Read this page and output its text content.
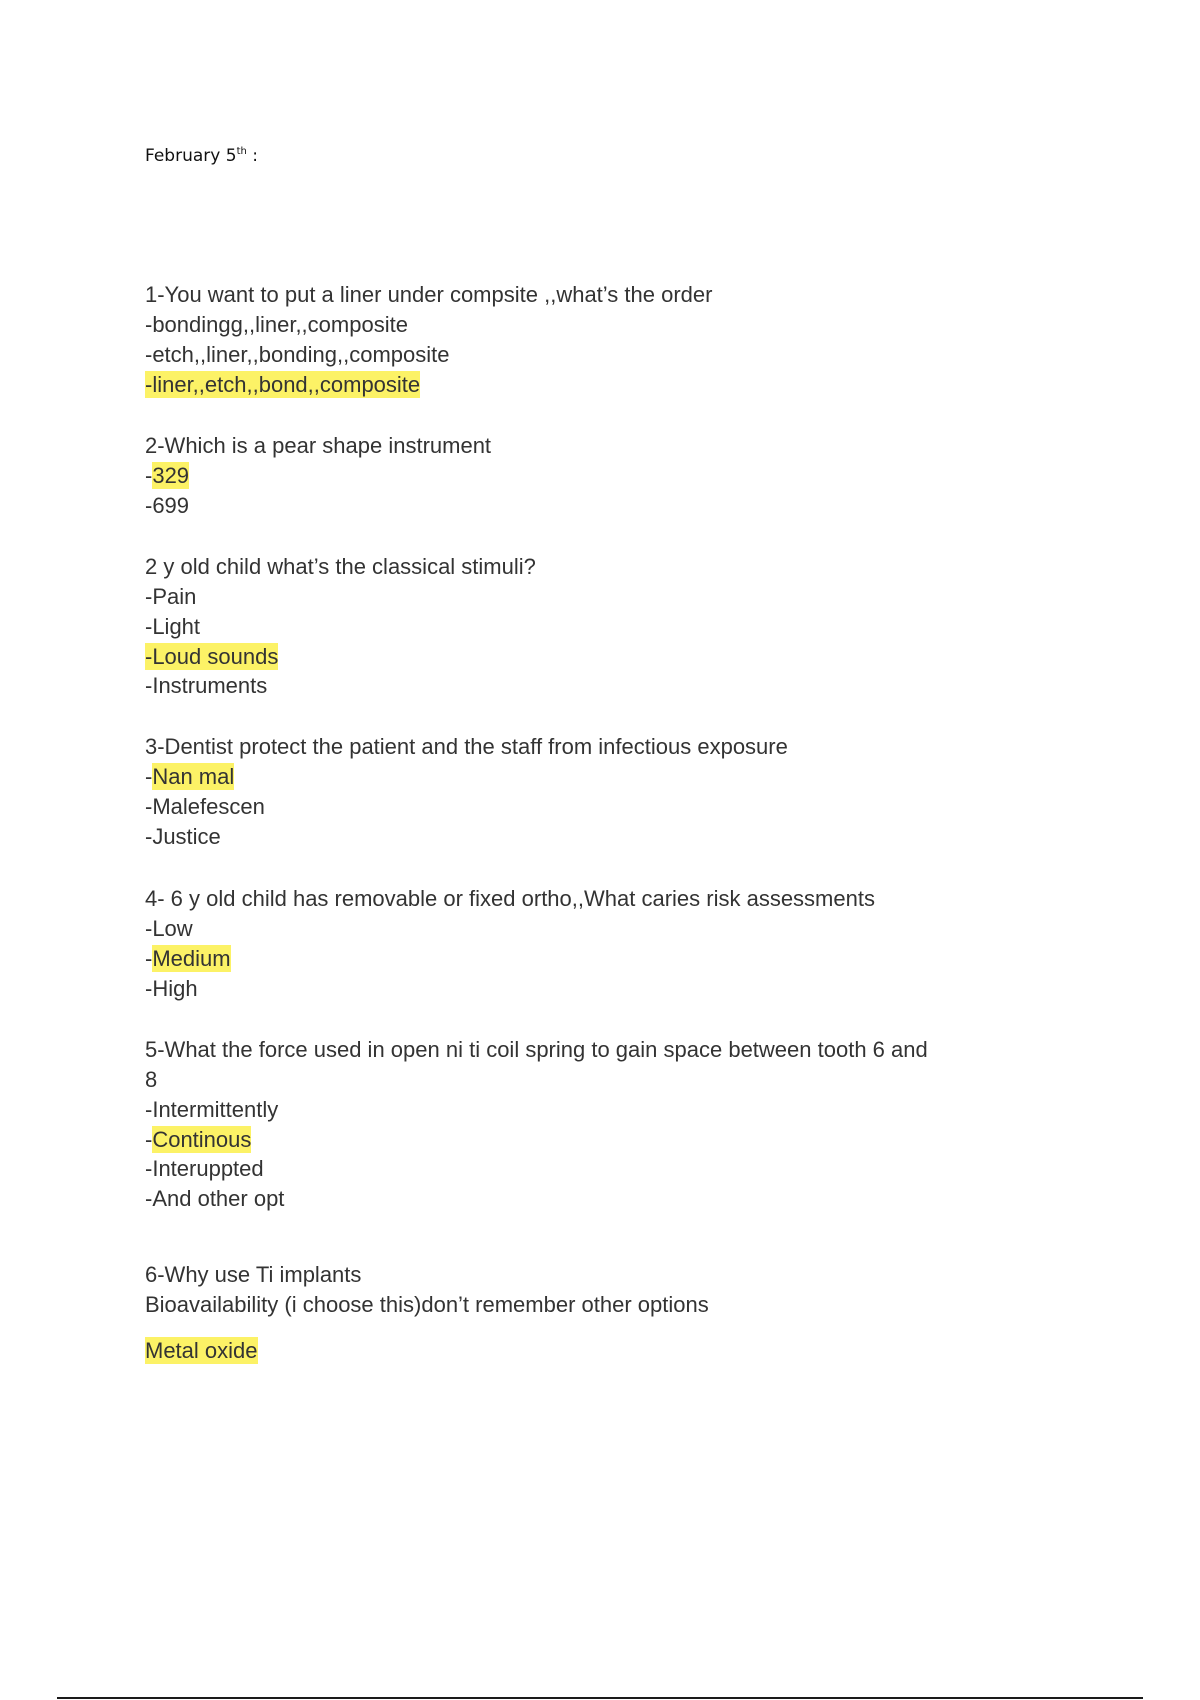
February 5th :
1-You want to put a liner under compsite ,,what’s the order
-bondingg,,liner,,composite
-etch,,liner,,bonding,,composite
-liner,,etch,,bond,,composite
2-Which is a pear shape instrument
-329
-699
2 y old child what’s the classical stimuli?
-Pain
-Light
-Loud sounds
-Instruments
3-Dentist protect the patient and the staff from infectious exposure
-Nan mal
-Malefescen
-Justice
4- 6 y old child has removable or fixed ortho,,What caries risk assessments
-Low
-Medium
-High
5-What the force used in open ni ti coil spring to gain space between tooth 6 and
8
-Intermittently
-Continous
-Interuppted
-And other opt
6-Why use Ti implants
Bioavailability (i choose this)don’t remember other options
Metal oxide
